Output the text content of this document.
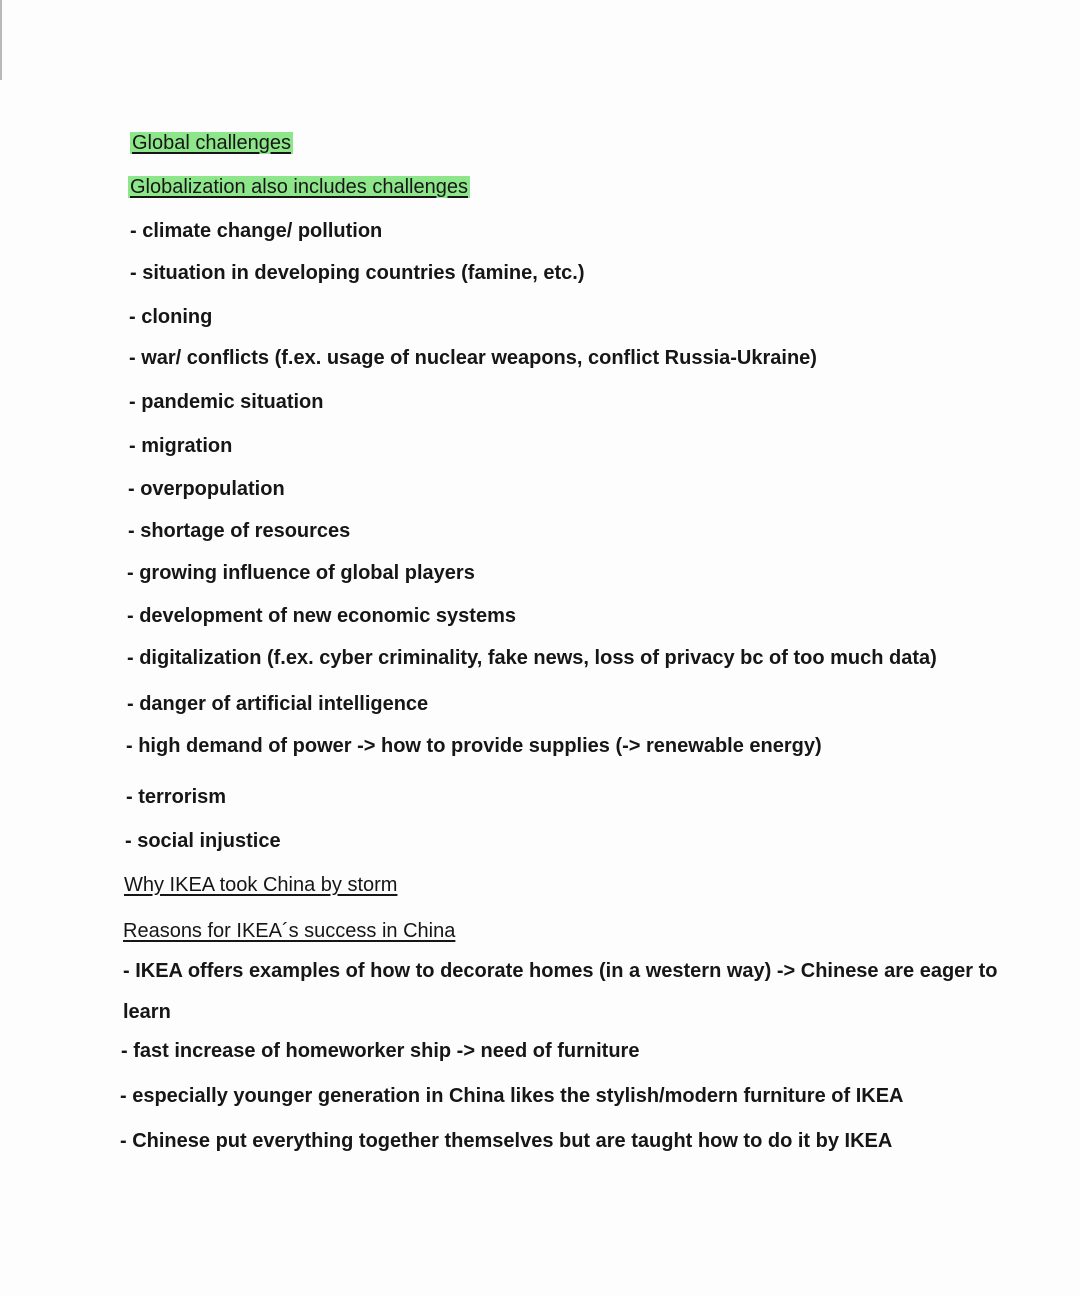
Global challenges
Globalization also includes challenges
- climate change/ pollution
- situation in developing countries (famine, etc.)
- cloning
- war/ conflicts (f.ex. usage of nuclear weapons, conflict Russia-Ukraine)
- pandemic situation
- migration
- overpopulation
- shortage of resources
- growing influence of global players
- development of new economic systems
- digitalization (f.ex. cyber criminality, fake news, loss of privacy bc of too much data)
- danger of artificial intelligence
- high demand of power -> how to provide supplies (-> renewable energy)
- terrorism
- social injustice
Why IKEA took China by storm
Reasons for IKEA´s success in China
- IKEA offers examples of how to decorate homes (in a western way) -> Chinese are eager to
learn
- fast increase of homeworker ship -> need of furniture
- especially younger generation in China likes the stylish/modern furniture of IKEA
- Chinese put everything together themselves but are taught how to do it by IKEA
